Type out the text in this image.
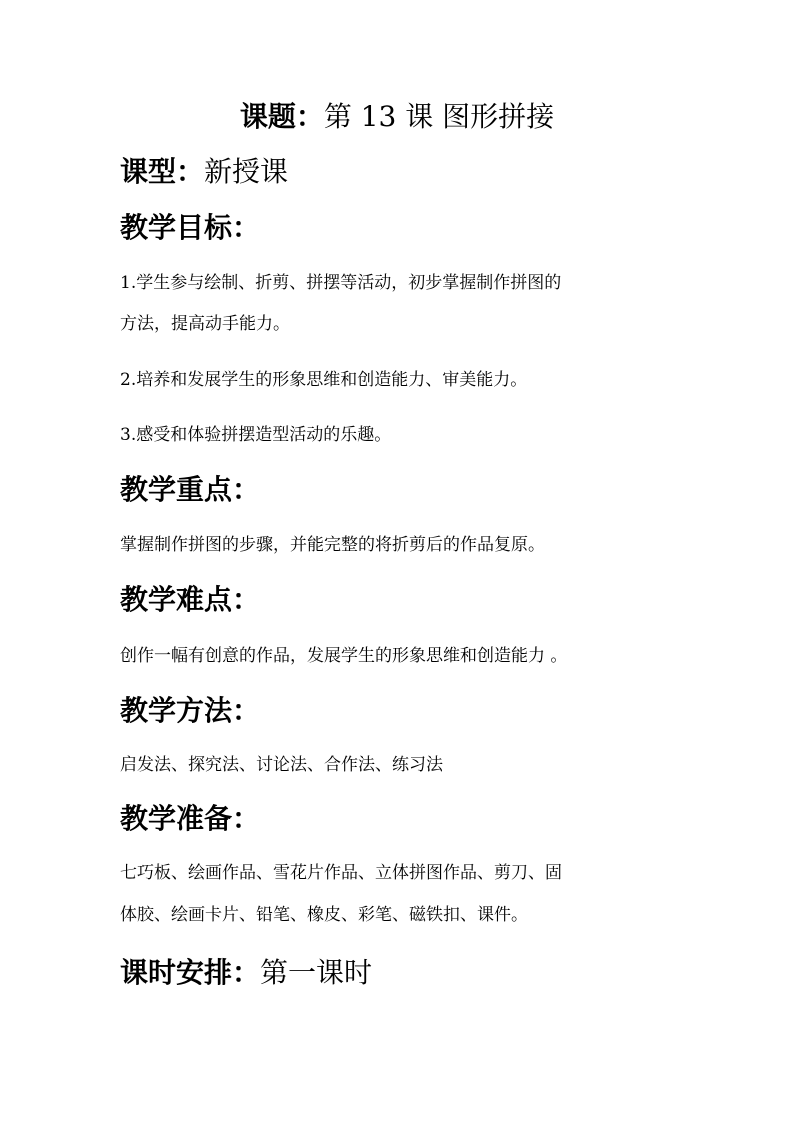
课题：第 13 课 图形拼接
课型：新授课
教学目标：
1.学生参与绘制、折剪、拼摆等活动，初步掌握制作拼图的
方法，提高动手能力。
2.培养和发展学生的形象思维和创造能力、审美能力。
3.感受和体验拼摆造型活动的乐趣。
教学重点：
掌握制作拼图的步骤，并能完整的将折剪后的作品复原。
教学难点：
创作一幅有创意的作品，发展学生的形象思维和创造能力 。
教学方法：
启发法、探究法、讨论法、合作法、练习法
教学准备：
七巧板、绘画作品、雪花片作品、立体拼图作品、剪刀、固
体胶、绘画卡片、铅笔、橡皮、彩笔、磁铁扣、课件。
课时安排：第一课时
